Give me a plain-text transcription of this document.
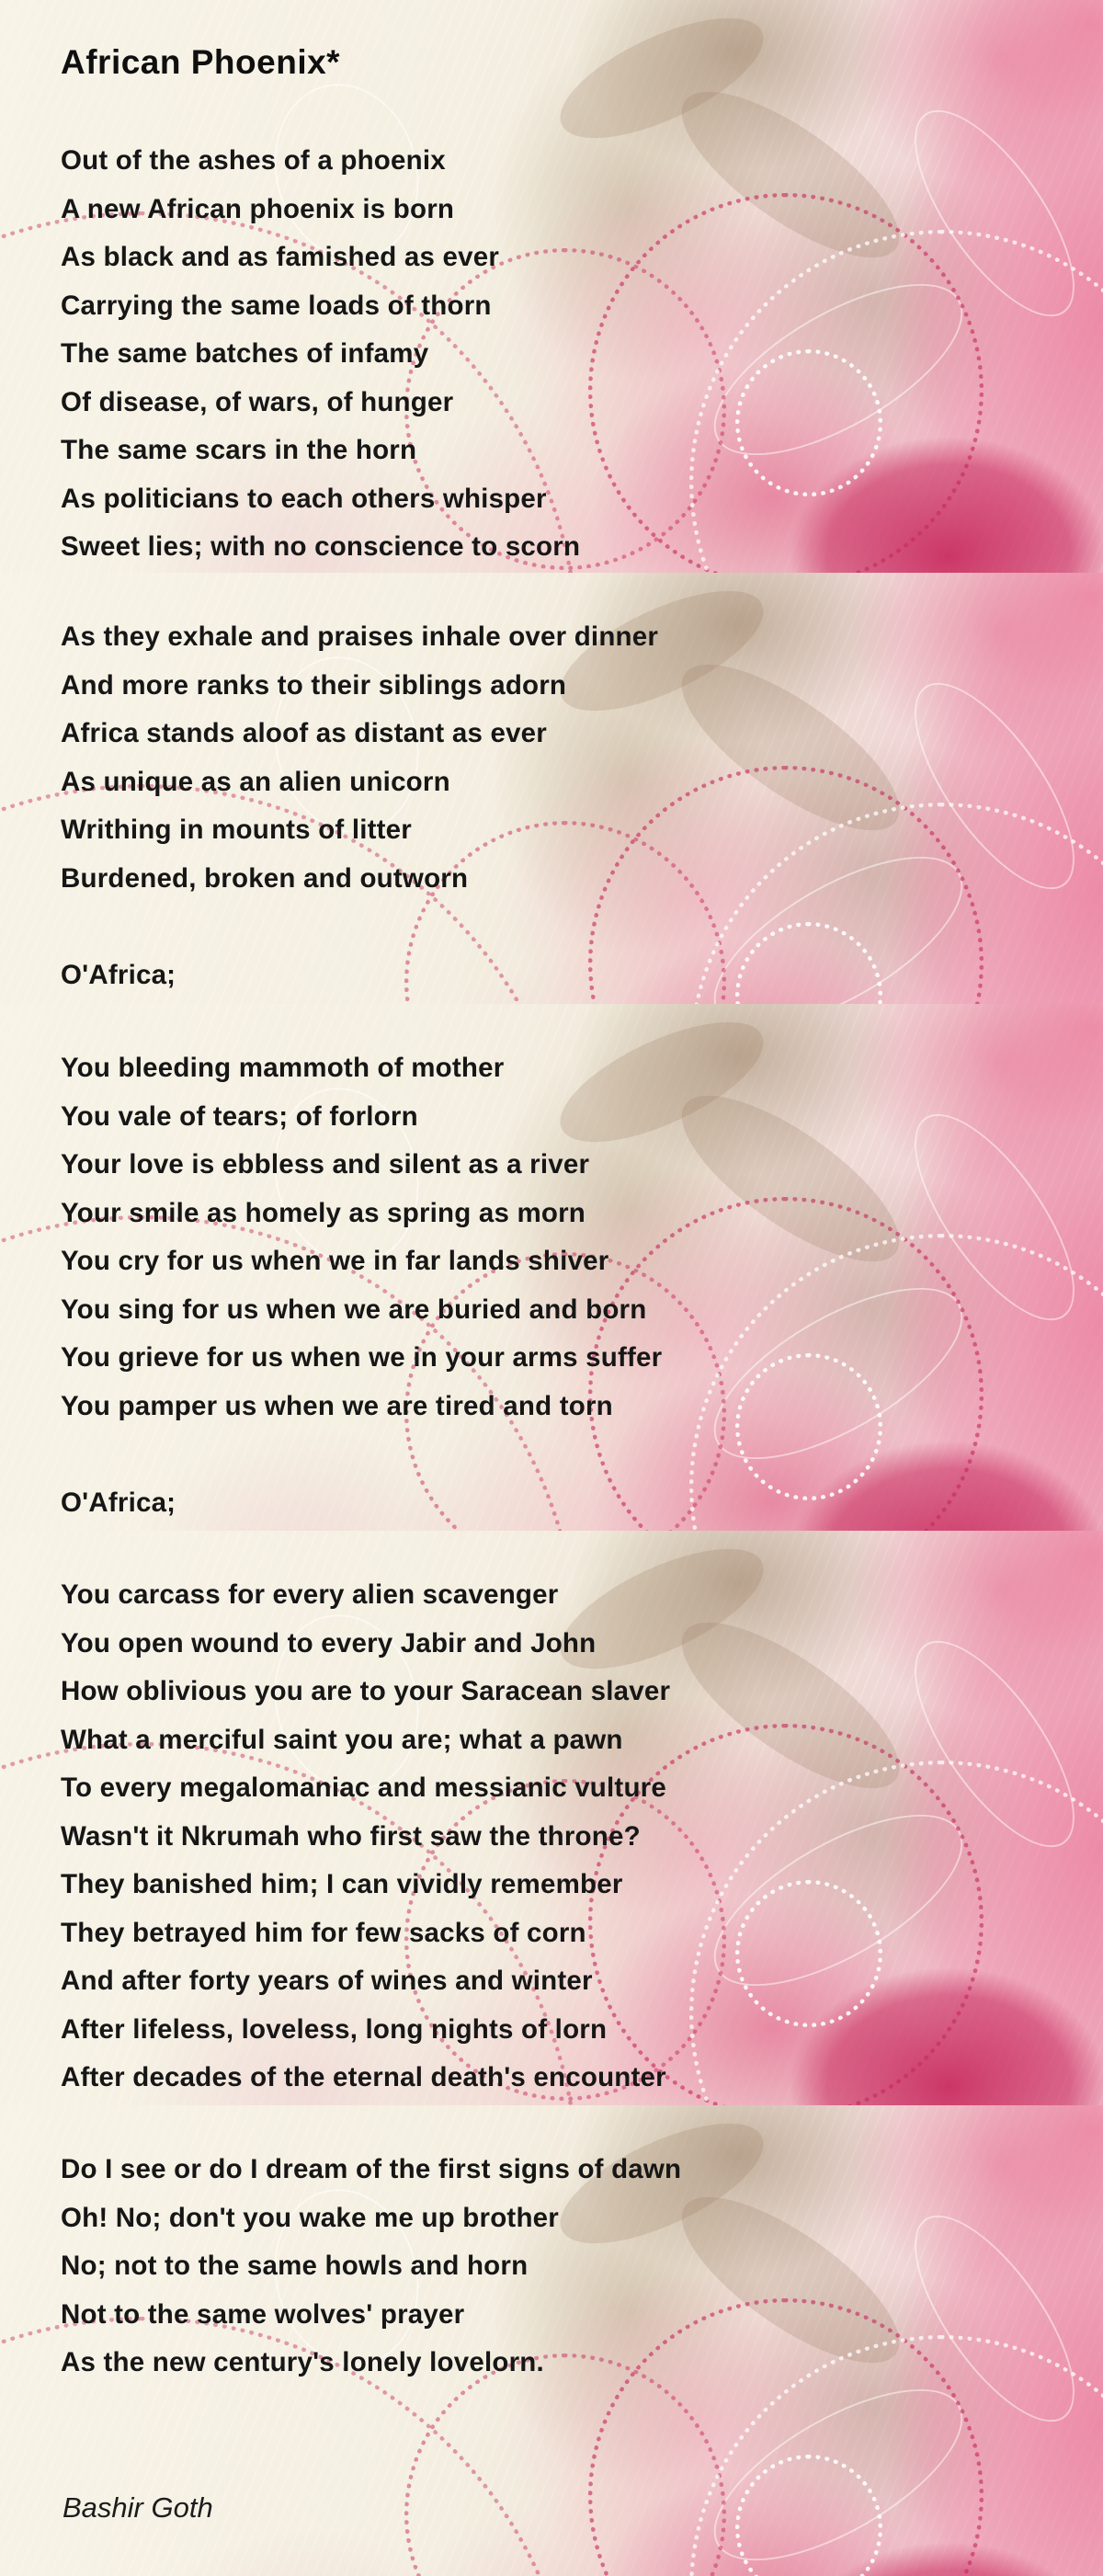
African Phoenix*

Out of the ashes of a phoenix

A new African phoenix is born

As black and as famished as ever

Carrying the same loads of thorn

The same batches of infamy

Of disease, of wars, of hunger

The same scars in the horn

As politicians to each others whisper

Sweet lies; with no conscience to scorn

As they exhale and praises inhale over dinner

And more ranks to their siblings adorn

Africa stands aloof as distant as ever

As unique as an alien unicorn

Writhing in mounts of litter

Burdened, broken and outworn

O'Africa;

You bleeding mammoth of mother

You vale of tears; of forlorn

Your love is ebbless and silent as a river

Your smile as homely as spring as morn

You cry for us when we in far lands shiver

You sing for us when we are buried and born

You grieve for us when we in your arms suffer

You pamper us when we are tired and torn

O'Africa;

You carcass for every alien scavenger

You open wound to every Jabir and John

How oblivious you are to your Saracean slaver

What a merciful saint you are; what a pawn

To every megalomaniac and messianic vulture

Wasn't it Nkrumah who first saw the throne?

They banished him; I can vividly remember

They betrayed him for few sacks of corn

And after forty years of wines and winter

After lifeless, loveless, long nights of lorn

After decades of the eternal death's encounter

Do I see or do I dream of the first signs of dawn

Oh! No; don't you wake me up brother

No; not to the same howls and horn

Not to the same wolves' prayer

As the new century's lonely lovelorn.

Bashir Goth
